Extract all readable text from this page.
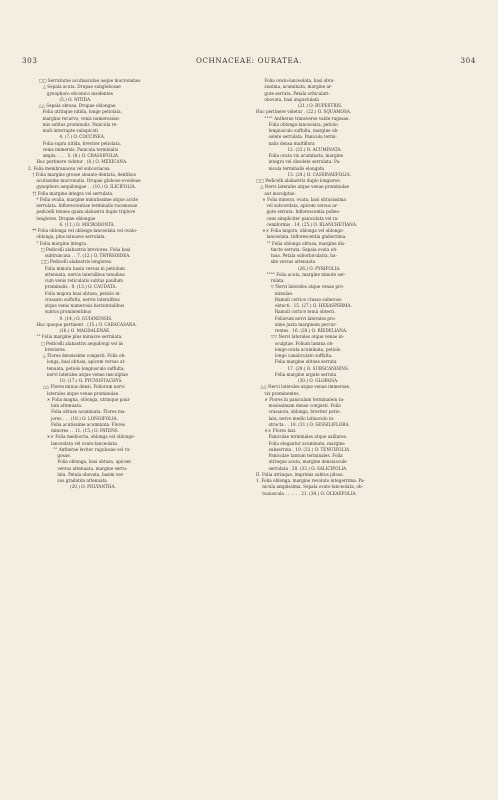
303	OCHNACEAE: OURATEA.	304
□□ Serraturae acutiusculae aeque mucronatae.
△ Sepala acuta. Drupae subglobosae
gynophoro obconico insidentes
(5.) O. NITIDA.
△△ Sepala obtusa. Drupae oblongae.
Folia utrinque nitida, longe petiolata,
margine recurvo, venis numerosissi-
mis subtus prominulis. Panicula re-
muli interrupte subspicati
4. (7.) O. COCCINEA.
Folia supra nitida, breviter petiolata,
venis immersis. Panicula terminalis
ampla . . . . 5. (8.) O. CRASSIFOLIA.
Huc pertinere videtur . (8.) O. MEXICANA.
2. Folia membranacea vel subcoriacea.
† Folia margine grosse sinuato-dentata, dentibus
acutissime mucronatis. Drupae globoso-ovoideae
gynophoro aequilongae . . (10.) O. ILICIFOLIA.
†† Folia margine integra vel serrulata.
* Folia ovalia, margine minutissime atque acute
serrulata. Inflorescentiae terminalis racemosae
pedicelli tenues quam alabastra duplo triplove
longiores. Drupae oblongae
6. (11.) O. MICRODONTA.
** Folia oblonga vel oblongo-lanceolata vel ovato-
oblonga, plus minusve serrulata.
° Folia margine integra.
□ Pedicelli alabastris breviores. Folia basi
subtruncata . . 7. (12.) O. THYRSOIDEA.
□□ Pedicelli alabastris longiores.
Folia minora basin versus in petiolum
attenuata, nervis lateralibus tenuibus
cum venis reticulatis subtus paullum
prominulis . 8. (13.) O. CAUDATA.
Folia majora basi obtusa, petiolo in-
crassato suffulta, nervis lateralibus
atque venis numerosis horizontalibus
subtus prominentibus
9. (14.) O. GUIANENSIS.
Huc quoque pertinent . (15.) O. CARACASANA.
(16.) O. MAGDALENAE.
°° Folia margine plus minusve serrulata.
□ Pedicelli alabastris aequilongi vel iis
breviores.
△ Flores densissime congesti. Folia ob-
longa, basi obtusa, apicem versus at-
tenuata, petiolo longiusculo suffulta;
nervi laterales atque venae insculptae
10. (17.) O. PYCNOSTACHYS.
△△ Flores minus densi. Foliorum nervi
laterales atque venae prominulae.
✕ Folia magna, oblonga, utrinque paul-
lum attenuata.
Folia obtuse acuminata. Flores ma-
jores . . . (18.) O. LONGIFOLIA.
Folia acutissime acuminata. Flores
minores . . 11. (15.) O. PATENS.
✕✕ Folia mediocria, oblonga vel oblongo-
lanceolata vel ovato-lanceolata.
°° Antherae leviter rugulosae vel ru-
gosae.
Folia oblonga, basi obtusa, apicem
versus attenuata, margine serru-
lata. Petala obovata, basim ver-
sus gradatim attenuata
(20.) O. POLYANTHA.
Folia ovato-lanceolata, basi obtu-
sissima, acuminata, margine ar-
gute serrata. Petala orbiculari-
obovata, basi angustulata
(21.) O. RUPESTRIS.
Huc pertinere videtur . (22.) O. SQUAMOSA.
°°°° Antherae transverse valde rugosae.
Folia oblongo-lanceolata, petiolo
longiusculo suffulta, margine ob-
solete serrulata. Panicula termi-
nalis densa multiflora
12. (23.) O. ACUMINATA.
Folia ovata vix acuminata, margine
integra vel obsolete serrulata. Pa-
nicula terminalis elongata
13. (24.) O. CASSINAEFOLIA.
□□ Pedicelli alabastris duplo longiores.
△ Nervi laterales atque venae prominulae
aut insculptae.
✕ Folia minora, ovata, basi obtusissima
vel subcordata, apicem versus ar-
gute serrata. Inflorescentia pubes-
cens simpliciter paniculata vel ra-
cemiformis . 14. (25.) O. BLANCHETIANA.
✕✕ Folia majora, oblonga vel oblongo-
lanceolata. Inflorescentia glaberrima.
°° Folia oblonga obtusa, margine dis-
tincte serrata. Sepala ovata ob-
tusa. Petala suborbicularia, ba-
sim versus attenuata
(26.) O. PYRIFOLIA.
°°°° Folia acuta, margine minute ser-
rulata.
▽ Nervi laterales atque venae pro-
minulae.
Ramuli cortice crasso suberoso
obtecti . 15. (27.) O. HEXASPERMA.
Ramuli cortice tenui obtecti.
Foliorum nervi laterales pro-
xime juxta marginem percur-
rentes . 16. (28.) O. RIEDELIANA.
▽▽ Nervi laterales atque venae in-
sculptae. Folium lamina ob-
longo-ovata acuminata, petiolo
longo canaliculato suffulta.
Folia margine obtuse serrata
17. (29.) O. SUBSCANDENS.
Folia margine argute serrata
(30.) O. GLOBOSA.
△△ Nervi laterales atque venae immersae,
vix prominentes.
✕ Flores in paniculam terminalem ra-
mosissimam dense congesti. Folia
crassiora, oblonga, breviter petio-
lata, nervo medio latiusculo in-
structa . . 18. (31.) O. SESSILIFLORA.
✕✕ Flores laxi.
Paniculae terminales atque axillares.
Folia elegantur acuminata, margine
subserrata . 19. (32.) O. TENUIFOLIA.
Paniculae tantum terminales. Folia
utrinque acuta, margine densiuscule
serrulata . 20. (33.) O. SALICIFOLIA.
II. Folia utrinque, imprimis subtus pilosa.
1. Folia oblonga, margine revoluto integerrima. Pa-
nicula amplissima. Sepala ovato-lanceolata, ob-
tusiuscula . . . . . . 21. (34.) O. OLEAEFOLIA.
